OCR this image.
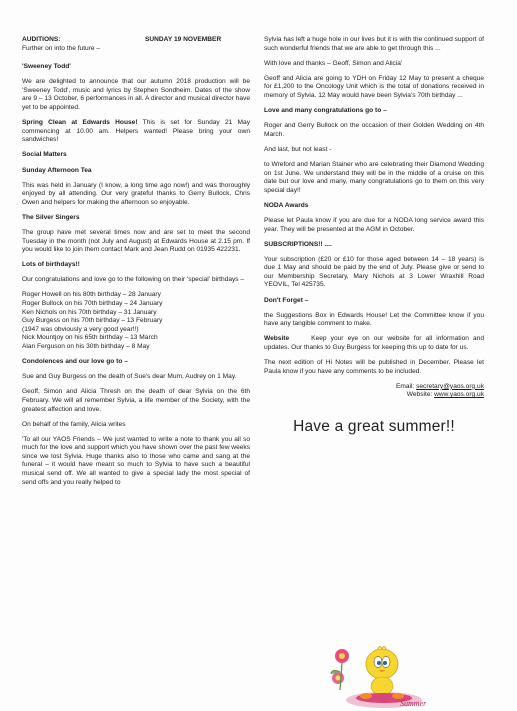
AUDITIONS:

Further on into the future –

'Sweeney Todd'

We are delighted to announce that our autumn 2018 production will be 'Sweeney Todd', music and lyrics by Stephen Sondheim. Dates of the show are 9 – 13 October, 6 performances in all. A director and musical director have yet to be appointed.

Spring Clean at Edwards House! This is set for Sunday 21 May commencing at 10.00 am. Helpers wanted! Please bring your own sandwiches!

Social Matters
Sunday Afternoon Tea

This was held in January (I know, a long time ago now!) and was thoroughly enjoyed by all attending. Our very grateful thanks to Gerry Bullock, Chris Owen and helpers for making the afternoon so enjoyable.

The Silver Singers

The group have met several times now and are set to meet the second Tuesday in the month (not July and August) at Edwards House at 2.15 pm. If you would like to join them contact Mark and Jean Rudd on 01935 422231.

Lots of birthdays!!

Our congratulations and love go to the following on their 'special' birthdays –

Roger Howell on his 80th birthday – 28 January
Roger Bullock on his 70th birthday – 24 January
Ken Nichols on his 70th birthday – 31 January
Guy Burgess on his 70th birthday – 13 February
(1947 was obviously a very good year!!)
Nick Mountjoy on his 65th birthday – 13 March
Alan Ferguson on his 30th birthday – 8 May
Condolences and our love go to –

Sue and Guy Burgess on the death of Sue's dear Mum, Audrey on 1 May.

Geoff, Simon and Alicia Thresh on the death of dear Sylvia on the 6th February. We will all remember Sylvia, a life member of the Society, with the greatest affection and love.

On behalf of the family, Alicia writes

'To all our YAOS Friends – We just wanted to write a note to thank you all so much for the love and support which you have shown over the past few weeks since we lost Sylvia. Huge thanks also to those who came and sang at the funeral – it would have meant so much to Sylvia to have such a beautiful musical send off. We all wanted to give a special lady the most special of send offs and you really helped to

SUNDAY 19 NOVEMBER	Sylvia has left a huge hole in our lives but it is with the continued support of such wonderful friends that we are able to get through this ...

With love and thanks – Geoff, Simon and Alicia'

Geoff and Alicia are going to YDH on Friday 12 May to present a cheque for £1,200 to the Oncology Unit which is the total of donations received in memory of Sylvia. 12 May would have been Sylvia's 70th birthday ...

Love and many congratulations go to –

Roger and Gerry Bullock on the occasion of their Golden Wedding on 4th March.

And last, but not least -

to Wreford and Marian Stainer who are celebrating their Diamond Wedding on 1st June. We understand they will be in the middle of a cruise on this date but our love and many, many congratulations go to them on this very special day!!

NODA Awards

Please let Paula know if you are due for a NODA long service award this year. They will be presented at the AGM in October.

SUBSCRIPTIONS!! ....

Your subscription (£20 or £10 for those aged between 14 – 18 years) is due 1 May and should be paid by the end of July. Please give or send to our Membership Secretary, Mary Nichols at 3 Lower Wraxhill Road YEOVIL, Tel 425735.

Don't Forget –

the Suggestions Box in Edwards House! Let the Committee know if you have any tangible comment to make.

Website	Keep your eye on our website for all information and updates. Our thanks to Guy Burgess for keeping this up to date for us.

The next edition of Hi Notes will be published in December. Please let Paula know if you have any comments to be included.

Email: secretary@yaos.org.uk
Website: www.yaos.org.uk
Have a great summer!!
Summer
